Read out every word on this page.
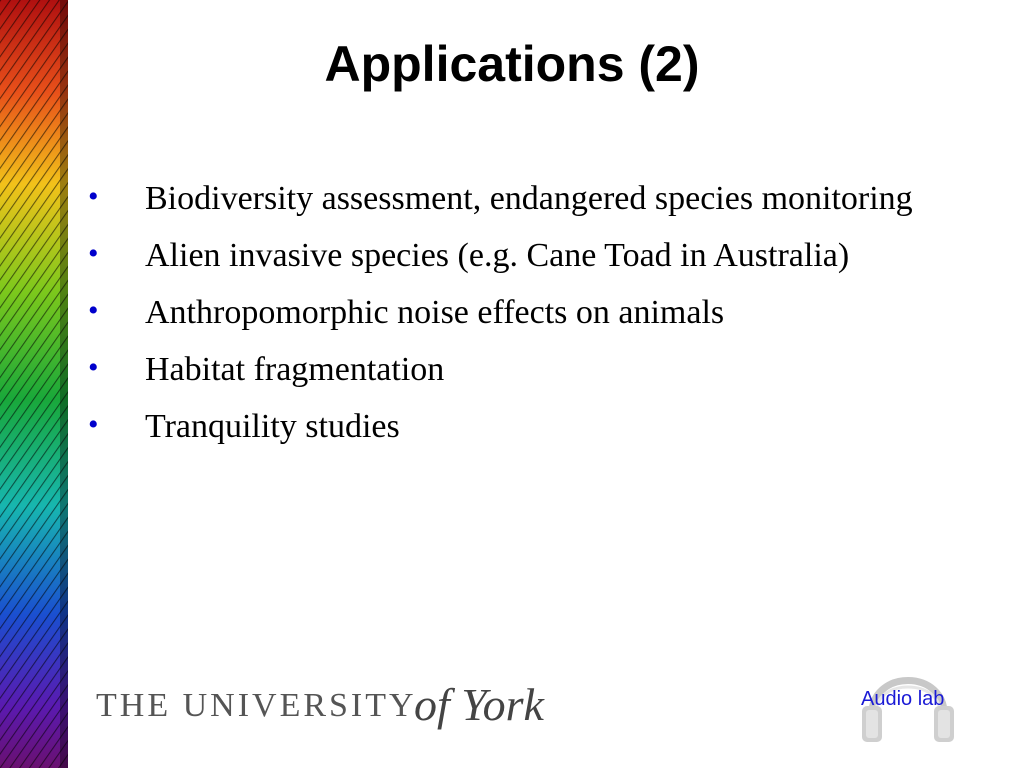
Applications (2)
• Biodiversity assessment, endangered species monitoring
• Alien invasive species (e.g. Cane Toad in Australia)
• Anthropomorphic noise effects on animals
• Habitat fragmentation
• Tranquility studies
THE UNIVERSITY
of York	Audio lab
